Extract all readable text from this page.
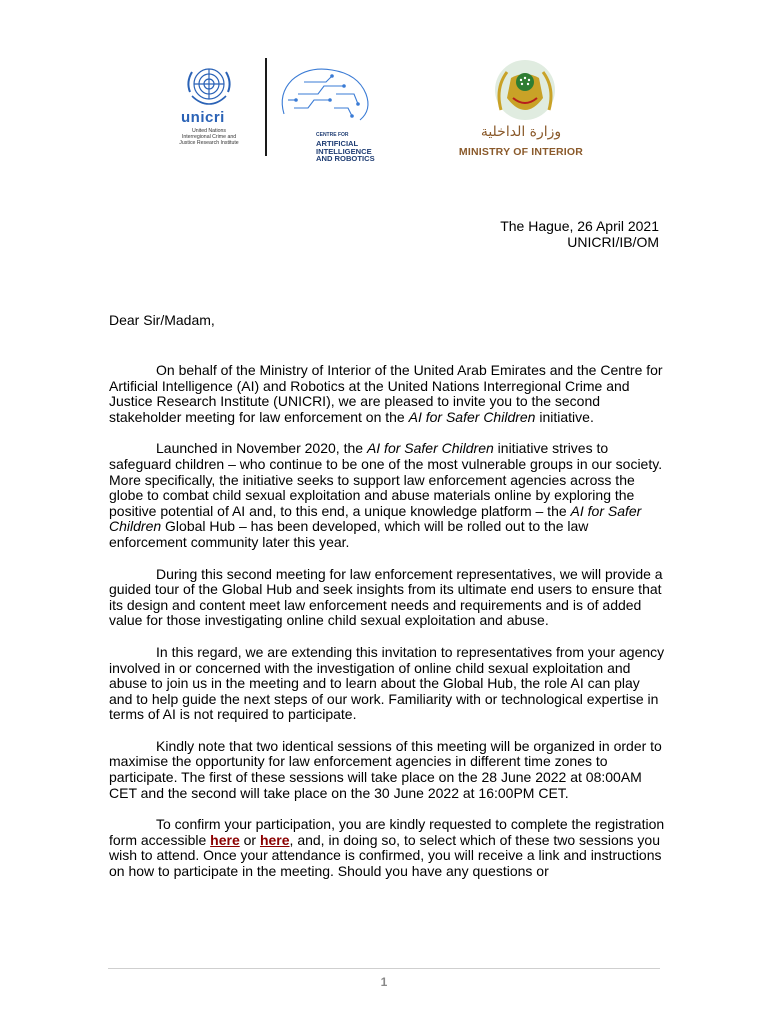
unicri
United Nations Interregional Crime and Justice Research Institute
CENTRE FOR
ARTIFICIAL
INTELLIGENCE
AND ROBOTICS
وزارة الداخلية
MINISTRY OF INTERIOR
The Hague, 26 April 2021
UNICRI/IB/OM
Dear Sir/Madam,

On behalf of the Ministry of Interior of the United Arab Emirates and the Centre for Artificial Intelligence (AI) and Robotics at the United Nations Interregional Crime and Justice Research Institute (UNICRI), we are pleased to invite you to the second stakeholder meeting for law enforcement on the AI for Safer Children initiative.

Launched in November 2020, the AI for Safer Children initiative strives to safeguard children – who continue to be one of the most vulnerable groups in our society. More specifically, the initiative seeks to support law enforcement agencies across the globe to combat child sexual exploitation and abuse materials online by exploring the positive potential of AI and, to this end, a unique knowledge platform – the AI for Safer Children Global Hub – has been developed, which will be rolled out to the law enforcement community later this year.

During this second meeting for law enforcement representatives, we will provide a guided tour of the Global Hub and seek insights from its ultimate end users to ensure that its design and content meet law enforcement needs and requirements and is of added value for those investigating online child sexual exploitation and abuse.

In this regard, we are extending this invitation to representatives from your agency involved in or concerned with the investigation of online child sexual exploitation and abuse to join us in the meeting and to learn about the Global Hub, the role AI can play and to help guide the next steps of our work. Familiarity with or technological expertise in terms of AI is not required to participate.

Kindly note that two identical sessions of this meeting will be organized in order to maximise the opportunity for law enforcement agencies in different time zones to participate. The first of these sessions will take place on the 28 June 2022 at 08:00AM CET and the second will take place on the 30 June 2022 at 16:00PM CET.

To confirm your participation, you are kindly requested to complete the registration form accessible here or here, and, in doing so, to select which of these two sessions you wish to attend. Once your attendance is confirmed, you will receive a link and instructions on how to participate in the meeting. Should you have any questions or

1
